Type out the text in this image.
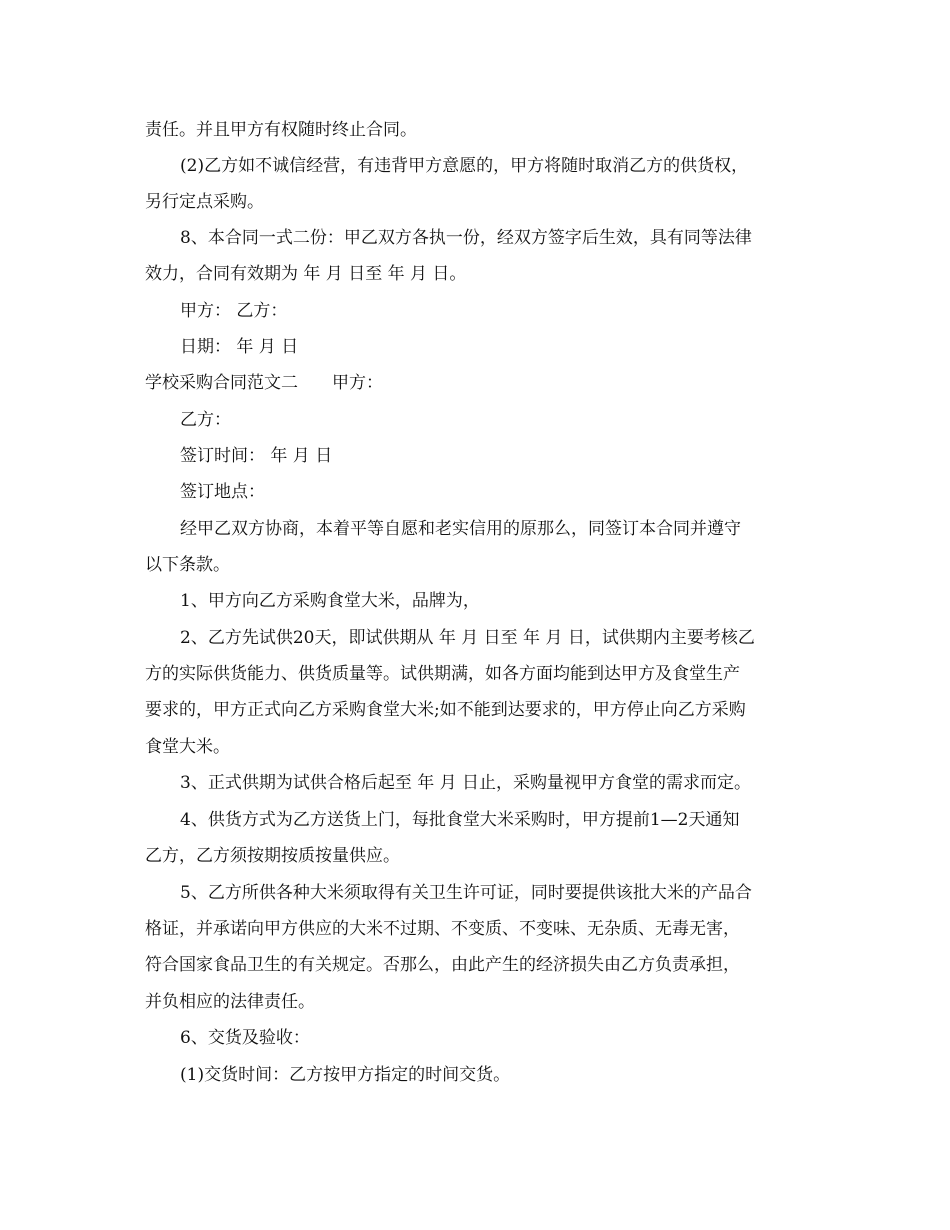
责任。并且甲方有权随时终止合同。
(2)乙方如不诚信经营，有违背甲方意愿的，甲方将随时取消乙方的供货权，
另行定点采购。
8、本合同一式二份：甲乙双方各执一份，经双方签字后生效，具有同等法律
效力，合同有效期为 年 月 日至 年 月 日。
甲方： 乙方：
日期： 年 月 日
学校采购合同范文二　　甲方：
乙方：
签订时间： 年 月 日
签订地点：
经甲乙双方协商，本着平等自愿和老实信用的原那么，同签订本合同并遵守
以下条款。
1、甲方向乙方采购食堂大米，品牌为，
2、乙方先试供20天，即试供期从 年 月 日至 年 月 日，试供期内主要考核乙
方的实际供货能力、供货质量等。试供期满，如各方面均能到达甲方及食堂生产
要求的，甲方正式向乙方采购食堂大米;如不能到达要求的，甲方停止向乙方采购
食堂大米。
3、正式供期为试供合格后起至 年 月 日止，采购量视甲方食堂的需求而定。
4、供货方式为乙方送货上门，每批食堂大米采购时，甲方提前1—2天通知
乙方，乙方须按期按质按量供应。
5、乙方所供各种大米须取得有关卫生许可证，同时要提供该批大米的产品合
格证，并承诺向甲方供应的大米不过期、不变质、不变味、无杂质、无毒无害，
符合国家食品卫生的有关规定。否那么，由此产生的经济损失由乙方负责承担，
并负相应的法律责任。
6、交货及验收：
(1)交货时间：乙方按甲方指定的时间交货。
